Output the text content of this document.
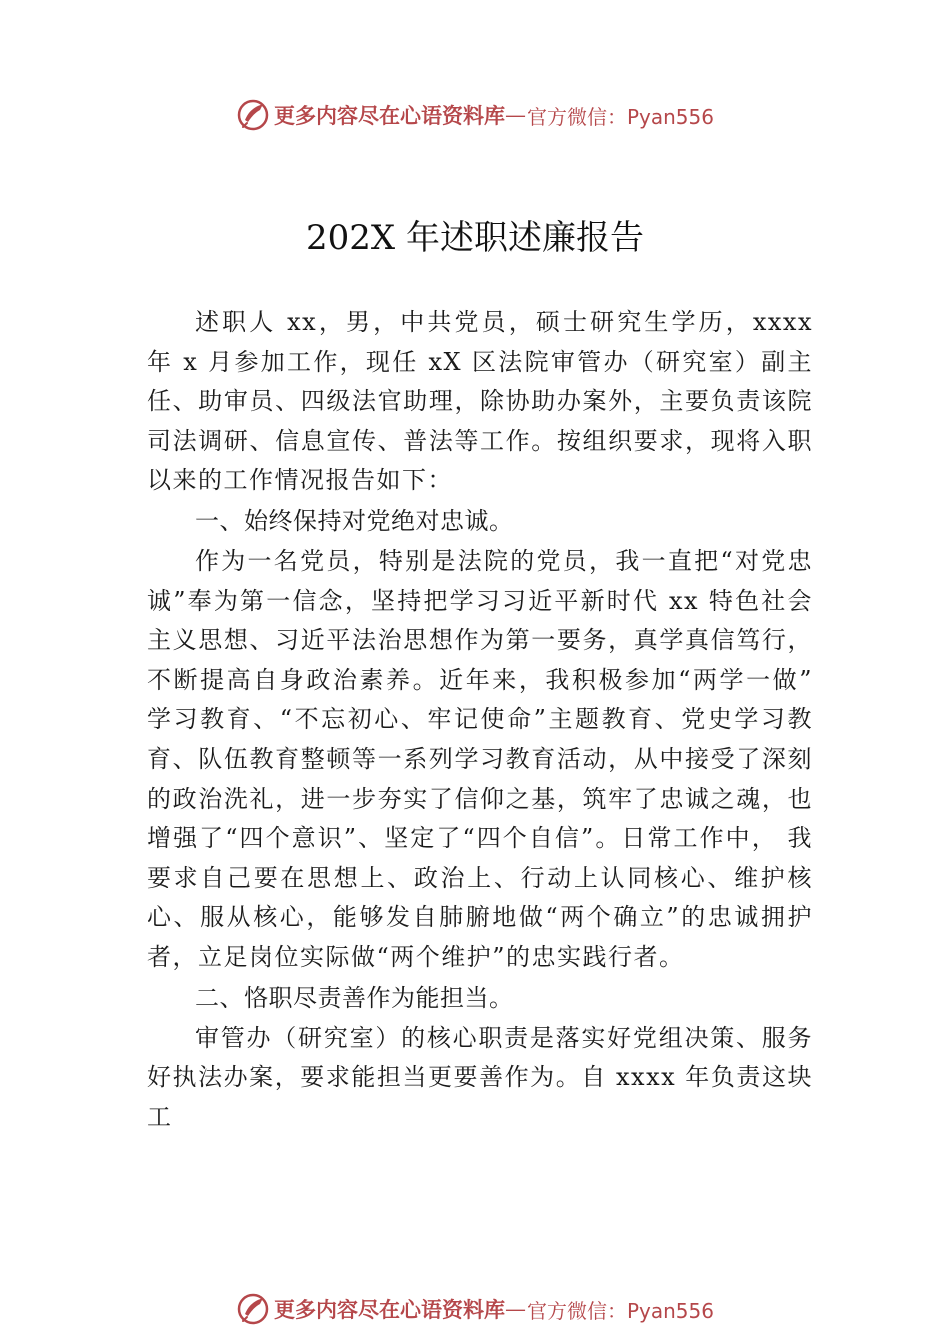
更多内容尽在心语资料库 — 官方微信：Pyan556
202X 年述职述廉报告

述职人 xx，男，中共党员，硕士研究生学历，xxxx 年 x 月参加工作，现任 xX 区法院审管办（研究室）副主任、助审员、四级法官助理，除协助办案外，主要负责该院司法调研、信息宣传、普法等工作。按组织要求，现将入职以来的工作情况报告如下：

一、始终保持对党绝对忠诚。

作为一名党员，特别是法院的党员，我一直把“对党忠诚”奉为第一信念，坚持把学习习近平新时代 xx 特色社会主义思想、习近平法治思想作为第一要务，真学真信笃行， 不断提高自身政治素养。近年来，我积极参加“两学一做” 学习教育、“不忘初心、牢记使命”主题教育、党史学习教育、队伍教育整顿等一系列学习教育活动，从中接受了深刻的政治洗礼，进一步夯实了信仰之基，筑牢了忠诚之魂，也增强了“四个意识”、坚定了“四个自信”。日常工作中， 我要求自己要在思想上、政治上、行动上认同核心、维护核心、服从核心，能够发自肺腑地做“两个确立”的忠诚拥护者，立足岗位实际做“两个维护”的忠实践行者。

二、恪职尽责善作为能担当。

审管办（研究室）的核心职责是落实好党组决策、服务好执法办案，要求能担当更要善作为。自 xxxx 年负责这块工

更多内容尽在心语资料库 — 官方微信：Pyan556
